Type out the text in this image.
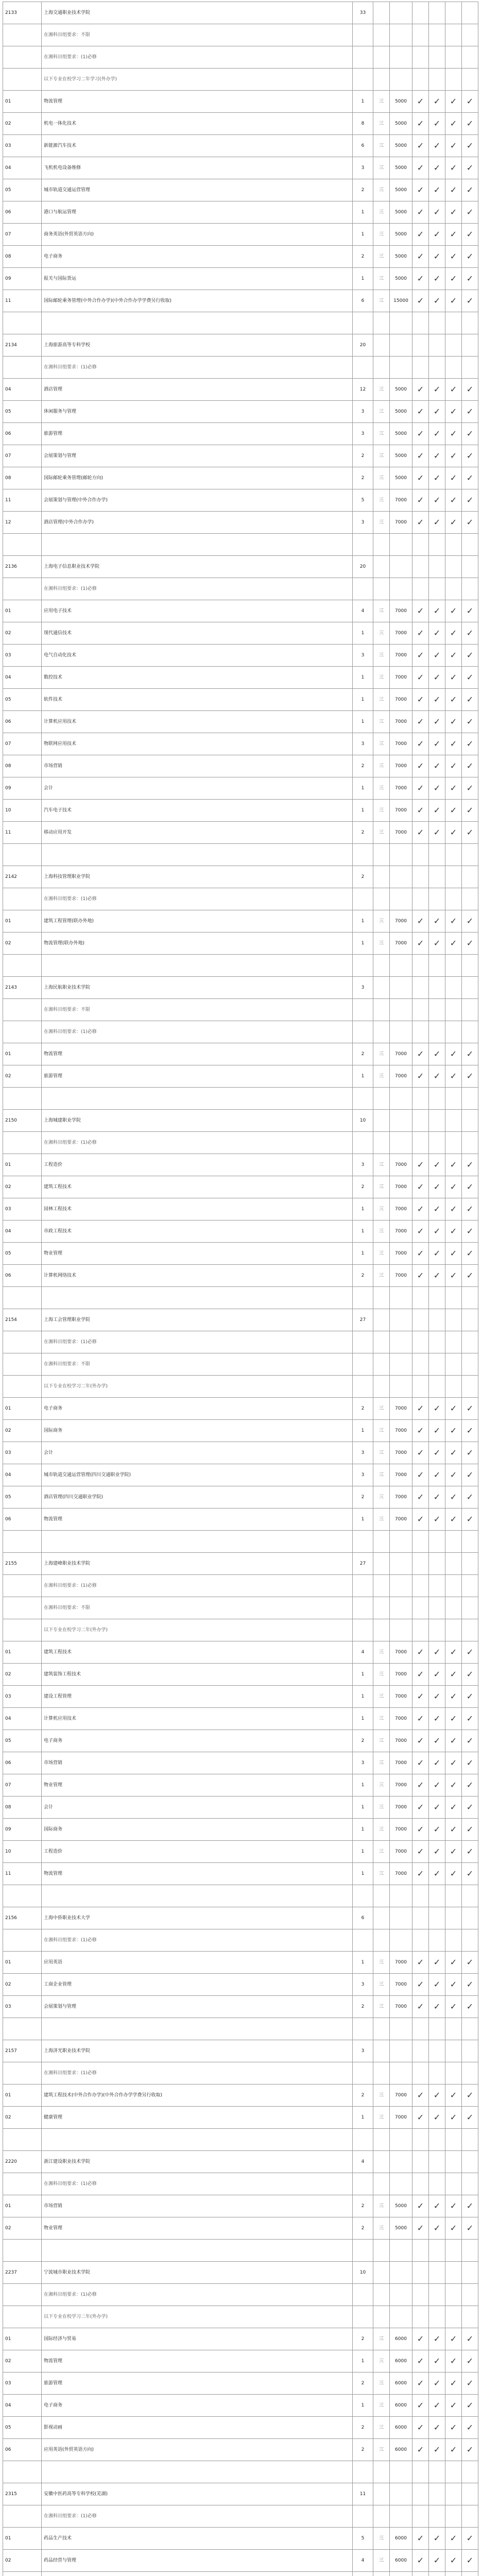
2133	上海交通职业技术学院	33						
	在湘科目组要求：不限							
	在湘科目组要求：(1)必修							
	以下专业在校学习二年学习(外办学)							
01	物流管理	1	三	5000	✓	✓	✓	✓
02	机电一体化技术	8	三	5000	✓	✓	✓	✓
03	新能源汽车技术	6	三	5000	✓	✓	✓	✓
04	飞机机电设备维修	3	三	5000	✓	✓	✓	✓
05	城市轨道交通运营管理	2	三	5000	✓	✓	✓	✓
06	港口与航运管理	1	三	5000	✓	✓	✓	✓
07	商务英语(外贸英语方向)	1	三	5000	✓	✓	✓	✓
08	电子商务	2	三	5000	✓	✓	✓	✓
09	报关与国际货运	1	三	5000	✓	✓	✓	✓
11	国际邮轮乘务管理(中外合作办学)(中外合作办学学费另行收取)	6	三	15000	✓	✓	✓	✓

2134	上海旅游高等专科学校	20						
	在湘科目组要求：(1)必修							
04	酒店管理	12	三	5000	✓	✓	✓	✓
05	休闲服务与管理	3	三	5000	✓	✓	✓	✓
06	旅游管理	3	三	5000	✓	✓	✓	✓
07	会展策划与管理	2	三	5000	✓	✓	✓	✓
08	国际邮轮乘务管理(邮轮方向)	2	三	5000	✓	✓	✓	✓
11	会展策划与管理(中外合作办学)	5	三	7000	✓	✓	✓	✓
12	酒店管理(中外合作办学)	3	三	7000	✓	✓	✓	✓

2136	上海电子信息职业技术学院	20						
	在湘科目组要求：(1)必修							
01	应用电子技术	4	三	7000	✓	✓	✓	✓
02	现代通信技术	1	三	7000	✓	✓	✓	✓
03	电气自动化技术	3	三	7000	✓	✓	✓	✓
04	数控技术	1	三	7000	✓	✓	✓	✓
05	软件技术	1	三	7000	✓	✓	✓	✓
06	计算机应用技术	1	三	7000	✓	✓	✓	✓
07	物联网应用技术	3	三	7000	✓	✓	✓	✓
08	市场营销	2	三	7000	✓	✓	✓	✓
09	会计	1	三	7000	✓	✓	✓	✓
10	汽车电子技术	1	三	7000	✓	✓	✓	✓
11	移动应用开发	2	三	7000	✓	✓	✓	✓

2142	上海科技管理职业学院	2						
	在湘科目组要求：(1)必修							
01	建筑工程管理(联办外地)	1	三	7000	✓	✓	✓	✓
02	物流管理(联办外地)	1	三	7000	✓	✓	✓	✓

2143	上海民航职业技术学院	3						
	在湘科目组要求：不限							
	在湘科目组要求：(1)必修							
01	物流管理	2	三	7000	✓	✓	✓	✓
02	旅游管理	1	三	7000	✓	✓	✓	✓

2150	上海城建职业学院	10						
	在湘科目组要求：(1)必修							
01	工程造价	3	三	7000	✓	✓	✓	✓
02	建筑工程技术	2	三	7000	✓	✓	✓	✓
03	园林工程技术	1	三	7000	✓	✓	✓	✓
04	市政工程技术	1	三	7000	✓	✓	✓	✓
05	物业管理	1	三	7000	✓	✓	✓	✓
06	计算机网络技术	2	三	7000	✓	✓	✓	✓

2154	上海工会管理职业学院	27						
	在湘科目组要求：(1)必修							
	在湘科目组要求：不限							
	以下专业在校学习二年(外办学)							
01	电子商务	2	三	7000	✓	✓	✓	✓
02	国际商务	1	三	7000	✓	✓	✓	✓
03	会计	3	三	7000	✓	✓	✓	✓
04	城市轨道交通运营管理(四川交通职业学院)	3	三	7000	✓	✓	✓	✓
05	酒店管理(四川交通职业学院)	2	三	7000	✓	✓	✓	✓
06	物流管理	1	三	7000	✓	✓	✓	✓

2155	上海建峰职业技术学院	27						
	在湘科目组要求：(1)必修							
	在湘科目组要求：不限							
	以下专业在校学习二年(外办学)							
01	建筑工程技术	4	三	7000	✓	✓	✓	✓
02	建筑装饰工程技术	1	三	7000	✓	✓	✓	✓
03	建设工程管理	1	三	7000	✓	✓	✓	✓
04	计算机应用技术	1	三	7000	✓	✓	✓	✓
05	电子商务	2	三	7000	✓	✓	✓	✓
06	市场营销	3	三	7000	✓	✓	✓	✓
07	物业管理	1	三	7000	✓	✓	✓	✓
08	会计	1	三	7000	✓	✓	✓	✓
09	国际商务	1	三	7000	✓	✓	✓	✓
10	工程造价	1	三	7000	✓	✓	✓	✓
11	物流管理	1	三	7000	✓	✓	✓	✓

2156	上海中侨职业技术大学	6						
	在湘科目组要求：(1)必修							
01	应用英语	1	三	7000	✓	✓	✓	✓
02	工商企业管理	3	三	7000	✓	✓	✓	✓
03	会展策划与管理	2	三	7000	✓	✓	✓	✓

2157	上海济光职业技术学院	3						
	在湘科目组要求：(1)必修							
01	建筑工程技术(中外合作办学)(中外合作办学学费另行收取)	2	三	7000	✓	✓	✓	✓
02	健康管理	1	三	7000	✓	✓	✓	✓

2220	浙江建设职业技术学院	4						
	在湘科目组要求：(1)必修							
01	市场营销	2	三	5000	✓	✓	✓	✓
02	物业管理	2	三	5000	✓	✓	✓	✓

2237	宁波城市职业技术学院	10						
	在湘科目组要求：(1)必修							
	以下专业在校学习二年(外办学)							
01	国际经济与贸易	2	三	6000	✓	✓	✓	✓
02	物流管理	1	三	6000	✓	✓	✓	✓
03	旅游管理	2	三	6000	✓	✓	✓	✓
04	电子商务	1	三	6000	✓	✓	✓	✓
05	影视动画	2	三	6000	✓	✓	✓	✓
06	应用英语(外贸英语方向)	2	三	6000	✓	✓	✓	✓

2315	安徽中医药高等专科学校(芜湖)	11						
	在湘科目组要求：(1)必修							
01	药品生产技术	5	三	6000	✓	✓	✓	✓
02	药品经营与管理	4	三	6000	✓	✓	✓	✓
